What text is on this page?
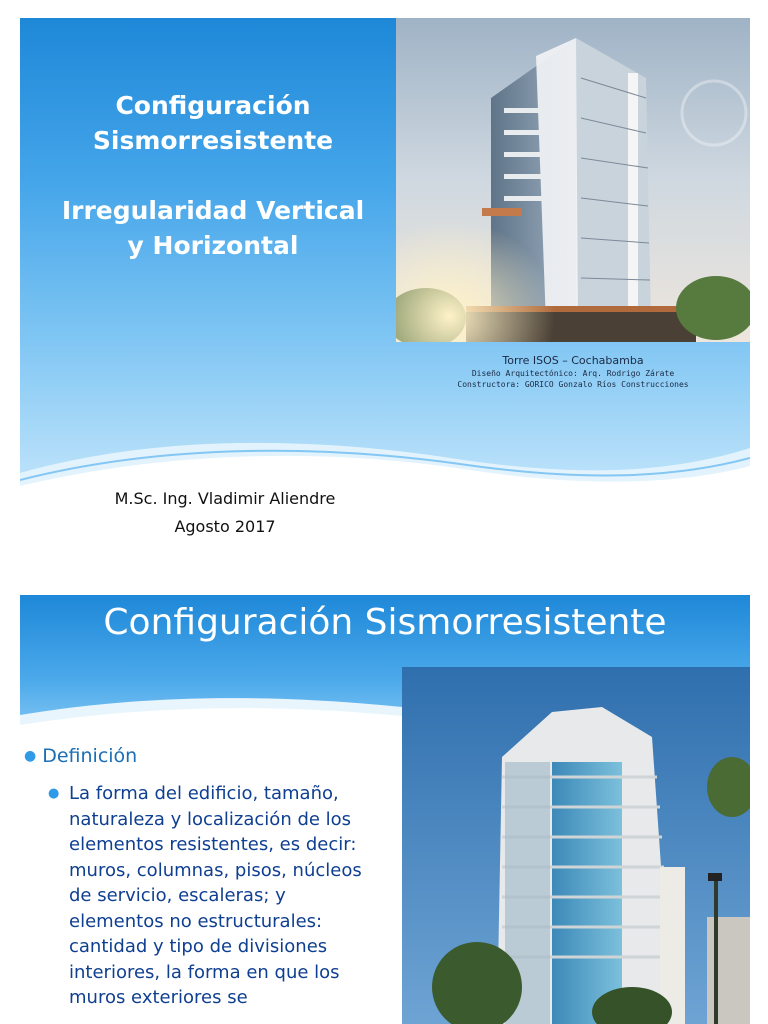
Configuración
Sismorresistente
Irregularidad Vertical
y Horizontal
Torre ISOS – Cochabamba
Diseño Arquitectónico: Arq. Rodrigo Zárate
Constructora: GORICO Gonzalo Ríos Construcciones
M.Sc. Ing. Vladimir Aliendre
Agosto 2017
Configuración Sismorresistente
● Definición
● La forma del edificio, tamaño, naturaleza y localización de los elementos resistentes, es decir: muros, columnas, pisos, núcleos de servicio, escaleras; y elementos no estructurales: cantidad y tipo de divisiones interiores, la forma en que los muros exteriores se
